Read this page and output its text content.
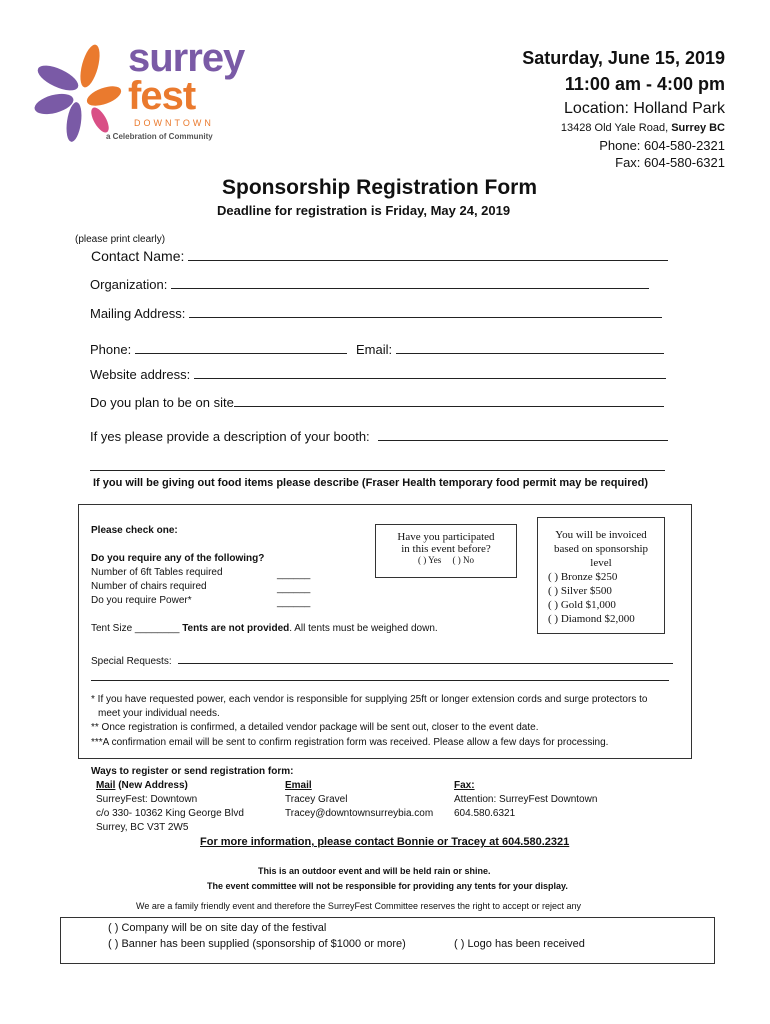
surrey
fest
DOWNTOWN
a Celebration of Community
Saturday, June 15, 2019
11:00 am - 4:00 pm
Location: Holland Park
13428 Old Yale Road, Surrey BC
Phone: 604-580-2321
Fax: 604-580-6321
Sponsorship Registration Form
Deadline for registration is Friday, May 24, 2019
(please print clearly)
Contact Name:
Organization:
Mailing Address:
Phone:	Email:
Website address:
Do you plan to be on site
If yes please provide a description of your booth:
If you will be giving out food items please describe (Fraser Health temporary food permit may be required)
Please check one:
Do you require any of the following?
Number of 6ft Tables required
Number of chairs required
Do you require Power*
______
______
______
Tent Size ________ Tents are not provided. All tents must be weighed down.
Have you participated
in this event before?
( ) Yes ( ) No
You will be invoiced
based on sponsorship
level
( ) Bronze $250
( ) Silver $500
( ) Gold $1,000
( ) Diamond $2,000
Special Requests:
* If you have requested power, each vendor is responsible for supplying 25ft or longer extension cords and surge protectors to
meet your individual needs.
** Once registration is confirmed, a detailed vendor package will be sent out, closer to the event date.
***A confirmation email will be sent to confirm registration form was received. Please allow a few days for processing.
Ways to register or send registration form:
Mail (New Address)
SurreyFest: Downtown
c/o 330- 10362 King George Blvd
Surrey, BC V3T 2W5
Email
Tracey Gravel
Tracey@downtownsurreybia.com
Fax:
Attention: SurreyFest Downtown
604.580.6321
For more information, please contact Bonnie or Tracey at 604.580.2321
This is an outdoor event and will be held rain or shine.
The event committee will not be responsible for providing any tents for your display.
We are a family friendly event and therefore the SurreyFest Committee reserves the right to accept or reject any
( ) Company will be on site day of the festival
( ) Banner has been supplied (sponsorship of $1000 or more)	( ) Logo has been received
